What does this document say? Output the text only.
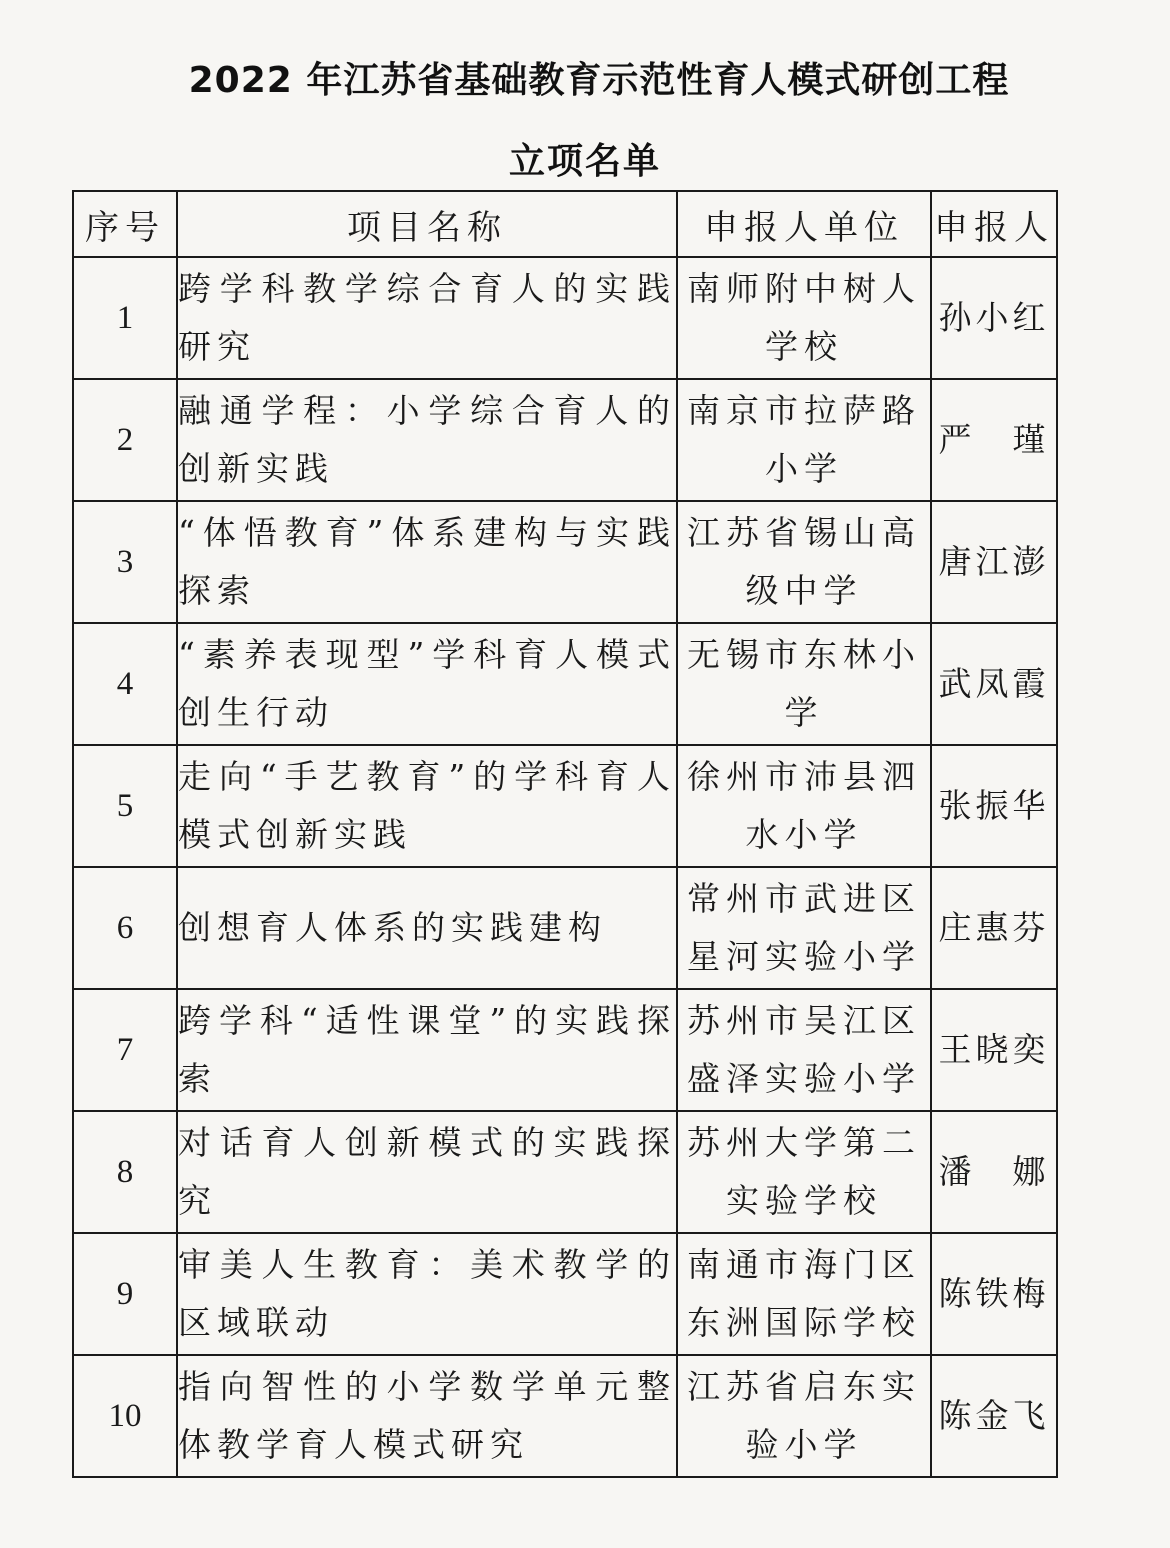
2022 年江苏省基础教育示范性育人模式研创工程
立项名单
序号	项目名称	申报人单位	申报人
1	跨学科教学综合育人的实践研究	南师附中树人学校	孙小红
2	融通学程：小学综合育人的创新实践	南京市拉萨路小学	严　瑾
3	“体悟教育”体系建构与实践探索	江苏省锡山高级中学	唐江澎
4	“素养表现型”学科育人模式创生行动	无锡市东林小学	武凤霞
5	走向“手艺教育”的学科育人模式创新实践	徐州市沛县泗水小学	张振华
6	创想育人体系的实践建构	常州市武进区星河实验小学	庄惠芬
7	跨学科“适性课堂”的实践探索	苏州市吴江区盛泽实验小学	王晓奕
8	对话育人创新模式的实践探究	苏州大学第二实验学校	潘　娜
9	审美人生教育：美术教学的区域联动	南通市海门区东洲国际学校	陈铁梅
10	指向智性的小学数学单元整体教学育人模式研究	江苏省启东实验小学	陈金飞
